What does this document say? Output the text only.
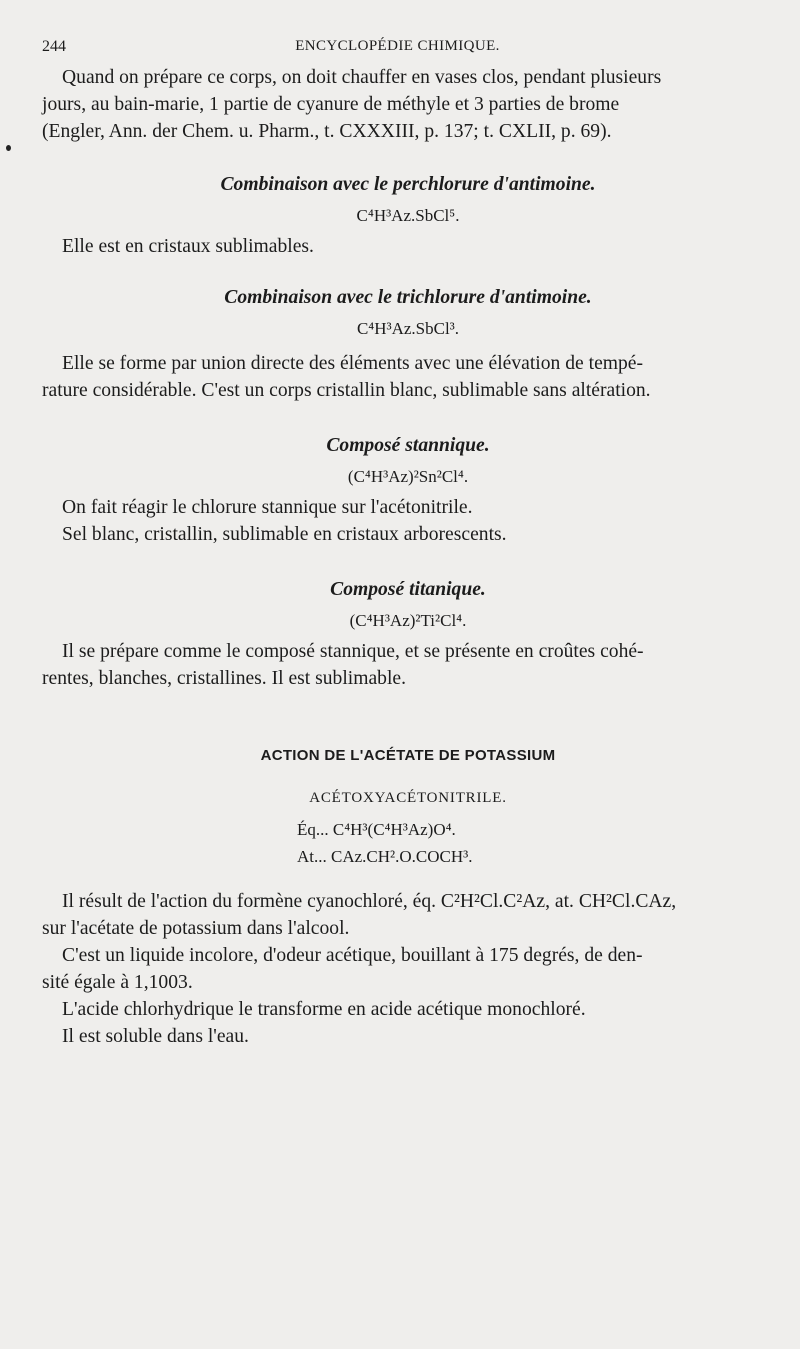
244	ENCYCLOPÉDIE CHIMIQUE.
Quand on prépare ce corps, on doit chauffer en vases clos, pendant plusieurs
jours, au bain-marie, 1 partie de cyanure de méthyle et 3 parties de brome
(Engler, Ann. der Chem. u. Pharm., t. CXXXIII, p. 137; t. CXLII, p. 69).
Combinaison avec le perchlorure d'antimoine.
C⁴H³Az.SbCl⁵.
Elle est en cristaux sublimables.
Combinaison avec le trichlorure d'antimoine.
C⁴H³Az.SbCl³.
Elle se forme par union directe des éléments avec une élévation de tempé-
rature considérable. C'est un corps cristallin blanc, sublimable sans altération.
Composé stannique.
(C⁴H³Az)²Sn²Cl⁴.
On fait réagir le chlorure stannique sur l'acétonitrile.
Sel blanc, cristallin, sublimable en cristaux arborescents.
Composé titanique.
(C⁴H³Az)²Ti²Cl⁴.
Il se prépare comme le composé stannique, et se présente en croûtes cohé-
rentes, blanches, cristallines. Il est sublimable.
ACTION DE L'ACÉTATE DE POTASSIUM
ACÉTOXYACÉTONITRILE.
Éq... C⁴H³(C⁴H³Az)O⁴.
At... CAz.CH².O.COCH³.
Il résult de l'action du formène cyanochloré, éq. C²H²Cl.C²Az, at. CH²Cl.CAz,
sur l'acétate de potassium dans l'alcool.
C'est un liquide incolore, d'odeur acétique, bouillant à 175 degrés, de den-
sité égale à 1,1003.
L'acide chlorhydrique le transforme en acide acétique monochloré.
Il est soluble dans l'eau.
